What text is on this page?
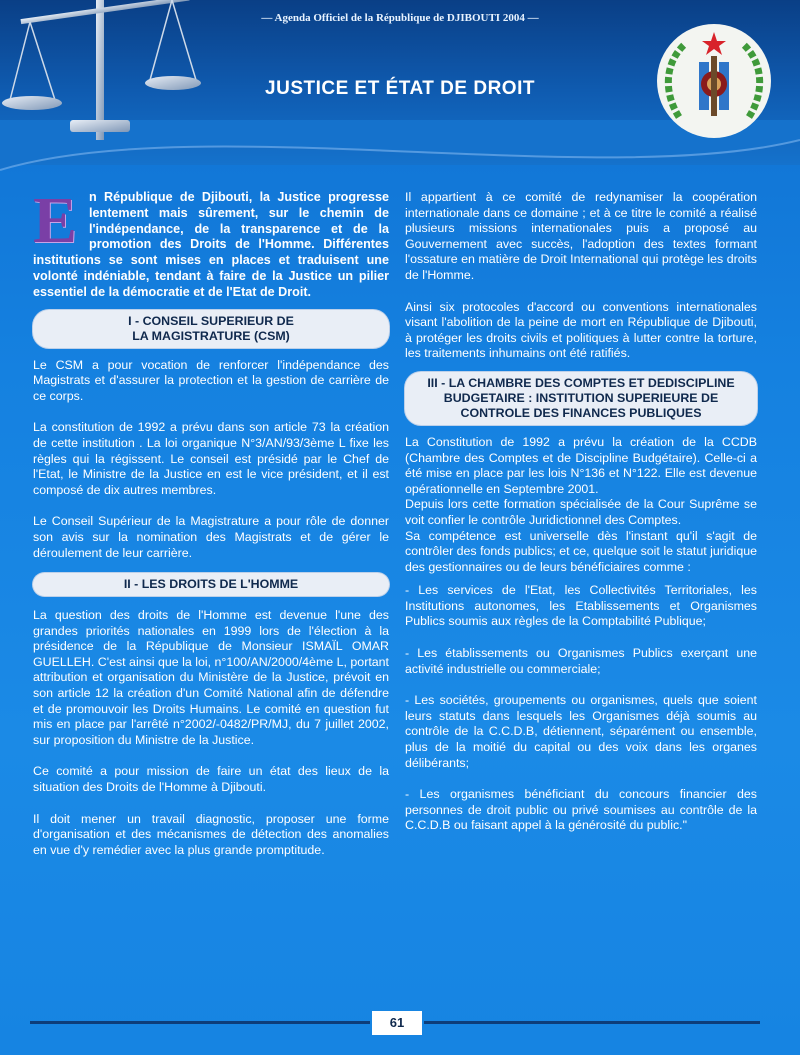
— Agenda Officiel de la République de DJIBOUTI 2004 —
JUSTICE ET ÉTAT DE DROIT

En République de Djibouti, la Justice progresse lentement mais sûrement, sur le chemin de l'indépendance, de la transparence et de la promotion des Droits de l'Homme. Différentes institutions se sont mises en places et traduisent une volonté indéniable, tendant à faire de la Justice un pilier essentiel de la démocratie et de l'Etat de Droit.

I - CONSEIL SUPERIEUR DE
LA MAGISTRATURE (CSM)

Le CSM a pour vocation de renforcer l'indépendance des Magistrats et d'assurer la protection et la gestion de carrière de ce corps.

La constitution de 1992 a prévu dans son article 73 la création de cette institution . La loi organique N°3/AN/93/3ème L fixe les règles qui la régissent. Le conseil est présidé par le Chef de l'Etat, le Ministre de la Justice en est le vice président, et il est composé de dix autres membres.

Le Conseil Supérieur de la Magistrature a pour rôle de donner son avis sur la nomination des Magistrats et de gérer le déroulement de leur carrière.

II - LES DROITS DE L'HOMME

La question des droits de l'Homme est devenue l'une des grandes priorités nationales en 1999 lors de l'élection à la présidence de la République de Monsieur ISMAÏL OMAR GUELLEH. C'est ainsi que la loi, n°100/AN/2000/4ème L, portant attribution et organisation du Ministère de la Justice, prévoit en son article 12 la création d'un Comité National afin de défendre et de promouvoir les Droits Humains. Le comité en question fut mis en place par l'arrêté n°2002/-0482/PR/MJ, du 7 juillet 2002, sur proposition du Ministre de la Justice.

Ce comité a pour mission de faire un état des lieux de la situation des Droits de l'Homme à Djibouti.

Il doit mener un travail diagnostic, proposer une forme d'organisation et des mécanismes de détection des anomalies en vue d'y remédier avec la plus grande promptitude.

Il appartient à ce comité de redynamiser la coopération internationale dans ce domaine ; et à ce titre le comité a réalisé plusieurs missions internationales puis a proposé au Gouvernement avec succès, l'adoption des textes formant l'ossature en matière de Droit International qui protège les droits de l'Homme.

Ainsi six protocoles d'accord ou conventions internationales visant l'abolition de la peine de mort en République de Djibouti, à protéger les droits civils et politiques à lutter contre la torture, les traitements inhumains ont été ratifiés.

III - LA CHAMBRE DES COMPTES ET DEDISCIPLINE
BUDGETAIRE : INSTITUTION SUPERIEURE DE
CONTROLE DES FINANCES PUBLIQUES

La Constitution de 1992 a prévu la création de la CCDB (Chambre des Comptes et de Discipline Budgétaire). Celle-ci a été mise en place par les lois N°136 et N°122. Elle est devenue opérationnelle en Septembre 2001.

Depuis lors cette formation spécialisée de la Cour Suprême se voit confier le contrôle Juridictionnel des Comptes.

Sa compétence est universelle dès l'instant qu'il s'agit de contrôler des fonds publics; et ce, quelque soit le statut juridique des gestionnaires ou de leurs bénéficiaires comme :

- Les services de l'Etat, les Collectivités Territoriales, les Institutions autonomes, les Etablissements et Organismes Publics soumis aux règles de la Comptabilité Publique;

- Les établissements ou Organismes Publics exerçant une activité industrielle ou commerciale;

- Les sociétés, groupements ou organismes, quels que soient leurs statuts dans lesquels les Organismes déjà soumis au contrôle de la C.C.D.B, détiennent, séparément ou ensemble, plus de la moitié du capital ou des voix dans les organes délibérants;

- Les organismes bénéficiant du concours financier des personnes de droit public ou privé soumises au contrôle de la C.C.D.B ou faisant appel à la générosité du public."

61
